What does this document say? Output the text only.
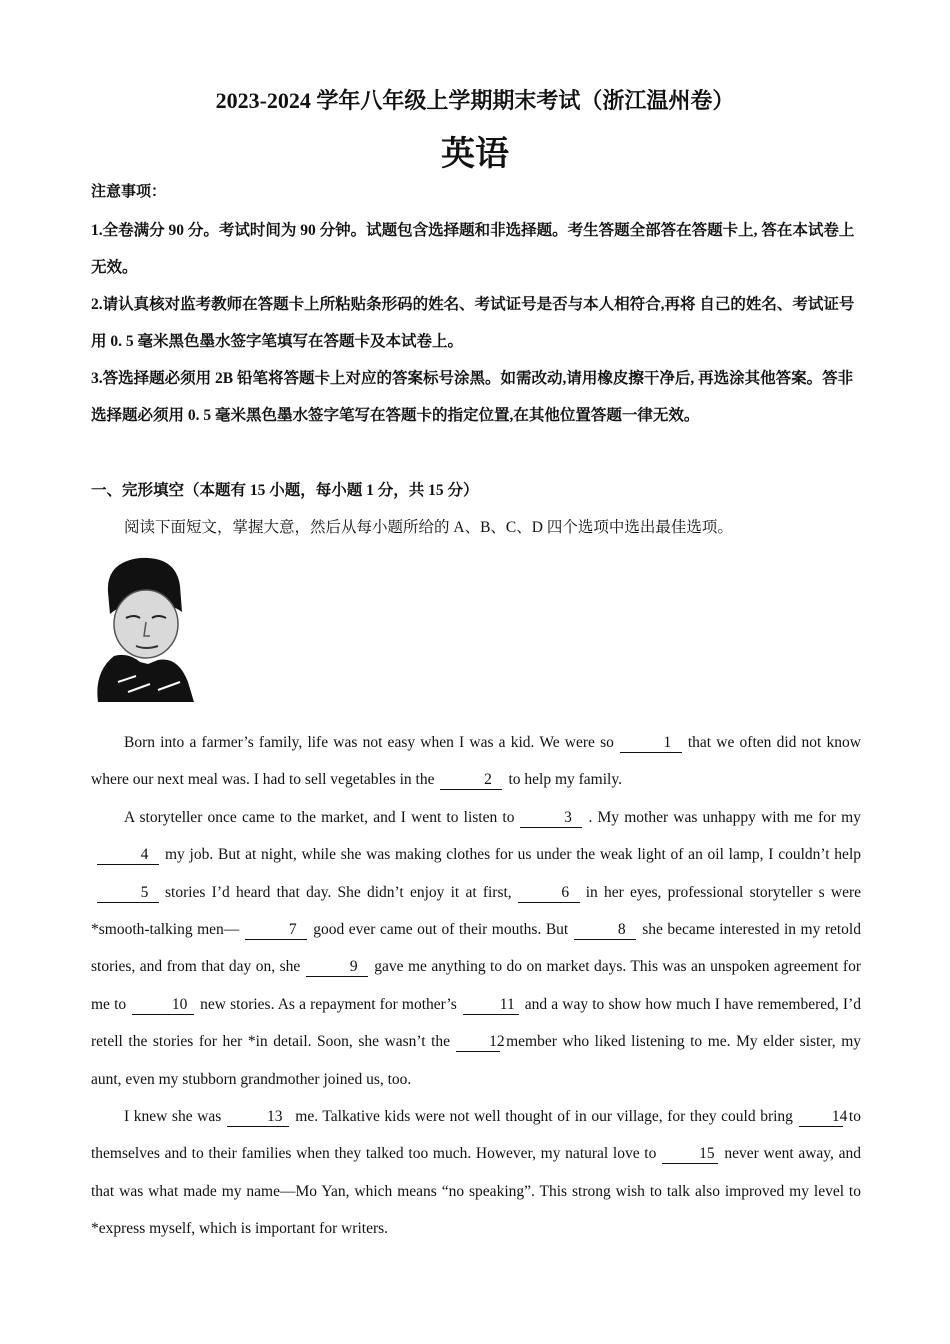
2023-2024 学年八年级上学期期末考试（浙江温州卷）
英语
注意事项：

1.全卷满分 90 分。考试时间为 90 分钟。试题包含选择题和非选择题。考生答题全部答在答题卡上, 答在本试卷上无效。

2.请认真核对监考教师在答题卡上所粘贴条形码的姓名、考试证号是否与本人相符合,再将 自己的姓名、考试证号用 0. 5 毫米黑色墨水签字笔填写在答题卡及本试卷上。

3.答选择题必须用 2B 铅笔将答题卡上对应的答案标号涂黑。如需改动,请用橡皮擦干净后, 再选涂其他答案。答非选择题必须用 0. 5 毫米黑色墨水签字笔写在答题卡的指定位置,在其他位置答题一律无效。

一、完形填空（本题有 15 小题，每小题 1 分，共 15 分）
阅读下面短文，掌握大意，然后从每小题所给的 A、B、C、D 四个选项中选出最佳选项。

Born into a farmer’s family, life was not easy when I was a kid. We were so	1 that we often did not know where our next meal was. I had to sell vegetables in the	2 to help my family.

A storyteller once came to the market, and I went to listen to	3 . My mother was unhappy with me for my4 my job. But at night, while she was making clothes for us under the weak light of an oil lamp, I couldn’t help5 stories I’d heard that day. She didn’t enjoy it at first,	6 in her eyes, professional storyteller s were *smooth-talking men—	7 good ever came out of their mouths. But	8 she became interested in my retold stories, and from that day on, she	9 gave me anything to do on market days. This was an unspoken agreement for me to	10 new stories. As a repayment for mother’s	11 and a way to show how much I have remembered, I’d retell the stories for her *in detail. Soon, she wasn’t the	12member who liked listening to me. My elder sister, my aunt, even my stubborn grandmother joined us, too.

I knew she was	13 me. Talkative kids were not well thought of in our village, for they could bring	14to themselves and to their families when they talked too much. However, my natural love to	15 never went away, and that was what made my name—Mo Yan, which means “no speaking”. This strong wish to talk also improved my level to *express myself, which is important for writers.
